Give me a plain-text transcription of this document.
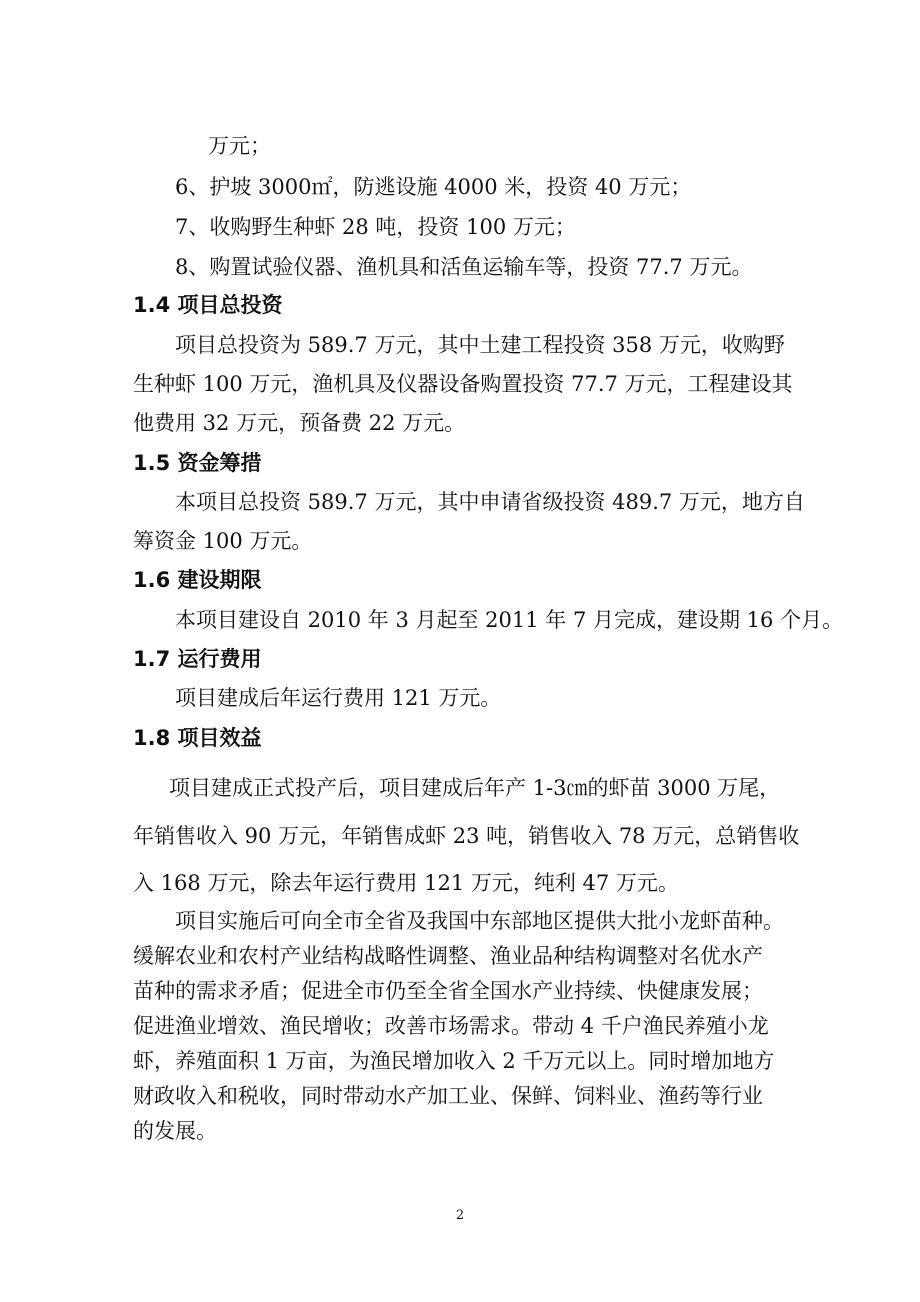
万元；
6、护坡 3000㎡，防逃设施 4000 米，投资 40 万元；
7、收购野生种虾 28 吨，投资 100 万元；
8、购置试验仪器、渔机具和活鱼运输车等，投资 77.7 万元。
1.4 项目总投资
项目总投资为 589.7 万元，其中土建工程投资 358 万元，收购野
生种虾 100 万元，渔机具及仪器设备购置投资 77.7 万元，工程建设其
他费用 32 万元，预备费 22 万元。
1.5 资金筹措
本项目总投资 589.7 万元，其中申请省级投资 489.7 万元，地方自
筹资金 100 万元。
1.6 建设期限
本项目建设自 2010 年 3 月起至 2011 年 7 月完成，建设期 16 个月。
1.7 运行费用
项目建成后年运行费用 121 万元。
1.8 项目效益
项目建成正式投产后，项目建成后年产 1-3㎝的虾苗 3000 万尾，
年销售收入 90 万元，年销售成虾 23 吨，销售收入 78 万元，总销售收
入 168 万元，除去年运行费用 121 万元，纯利 47 万元。
项目实施后可向全市全省及我国中东部地区提供大批小龙虾苗种。
缓解农业和农村产业结构战略性调整、渔业品种结构调整对名优水产
苗种的需求矛盾；促进全市仍至全省全国水产业持续、快健康发展；
促进渔业增效、渔民增收；改善市场需求。带动 4 千户渔民养殖小龙
虾，养殖面积 1 万亩，为渔民增加收入 2 千万元以上。同时增加地方
财政收入和税收，同时带动水产加工业、保鲜、饲料业、渔药等行业
的发展。
2
